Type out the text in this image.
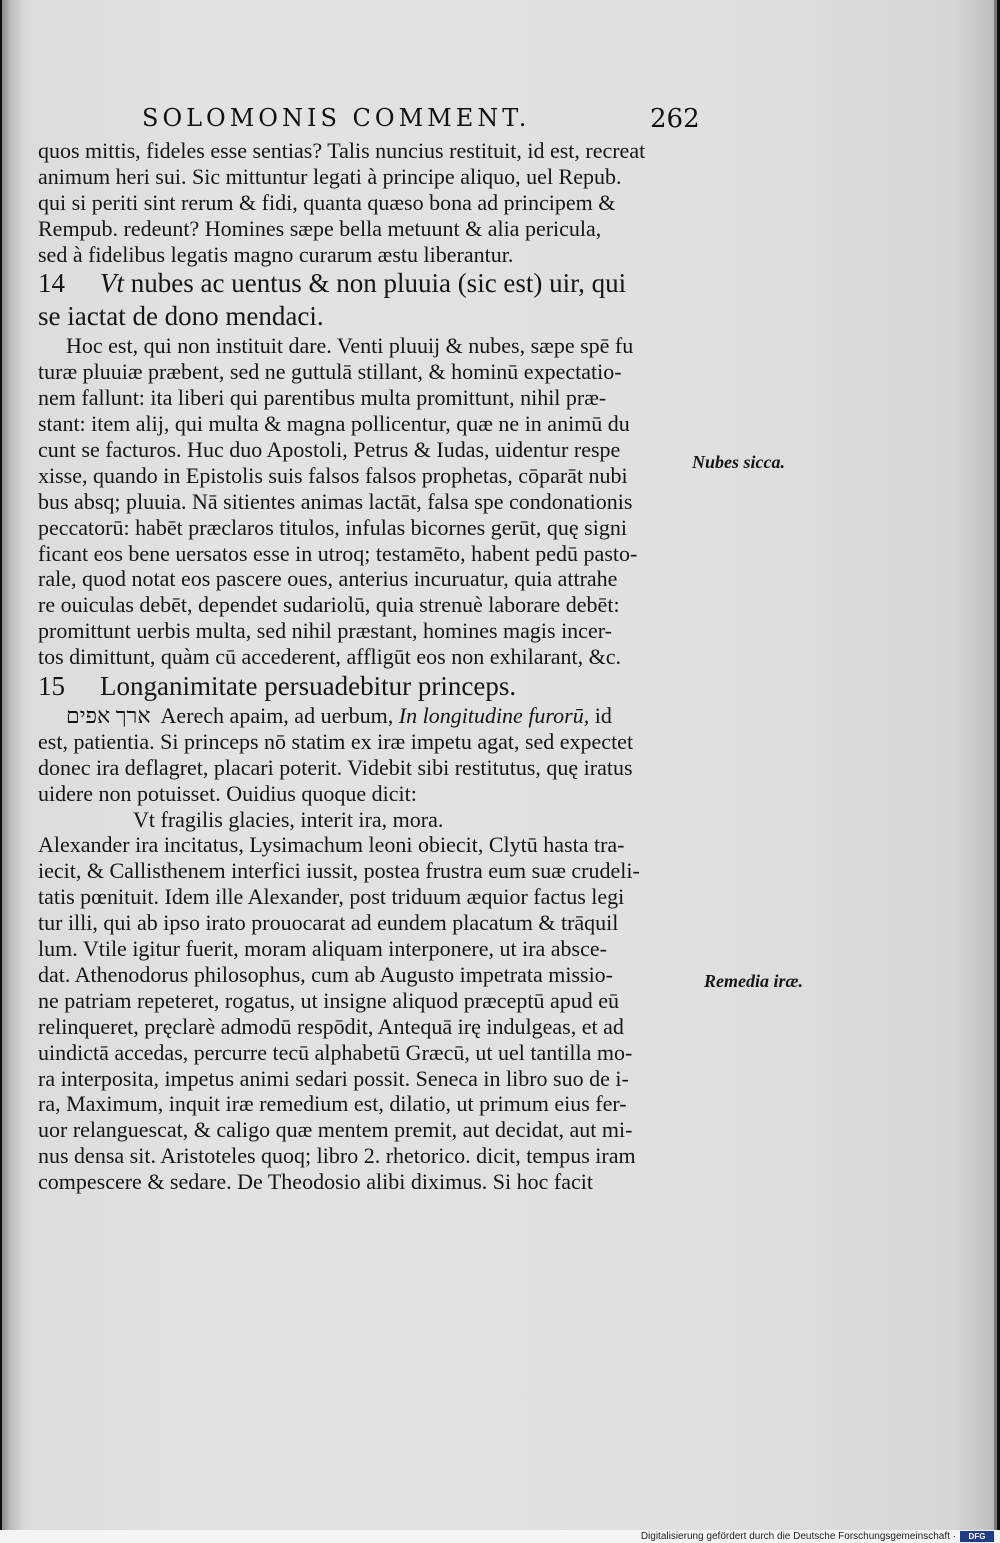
SOLOMONIS COMMENT.	262
quos mittis, fideles esse sentias? Talis nuncius restituit, id est, recreat
animum heri sui. Sic mittuntur legati à principe aliquo, uel Repub.
qui si periti sint rerum & fidi, quanta quæso bona ad principem &
Rempub. redeunt? Homines sæpe bella metuunt & alia pericula,
sed à fidelibus legatis magno curarum æstu liberantur.
14 Vt nubes ac uentus & non pluuia (sic est) uir, qui
se iactat de dono mendaci.
Hoc est, qui non instituit dare. Venti pluuij & nubes, sæpe spē fu
turæ pluuiæ præbent, sed ne guttulā stillant, & hominū expectatio-
nem fallunt: ita liberi qui parentibus multa promittunt, nihil præ-
stant: item alij, qui multa & magna pollicentur, quæ ne in animū du
cunt se facturos. Huc duo Apostoli, Petrus & Iudas, uidentur respe
xisse, quando in Epistolis suis falsos falsos prophetas, cōparāt nubi
bus absq; pluuia. Nā sitientes animas lactāt, falsa spe condonationis
peccatorū: habēt præclaros titulos, infulas bicornes gerūt, quę signi
ficant eos bene uersatos esse in utroq; testamēto, habent pedū pasto-
rale, quod notat eos pascere oues, anterius incuruatur, quia attrahe
re ouiculas debēt, dependet sudariolū, quia strenuè laborare debēt:
promittunt uerbis multa, sed nihil præstant, homines magis incer-
tos dimittunt, quàm cū accederent, affligūt eos non exhilarant, &c.
15 Longanimitate persuadebitur princeps.
ארך אפים Aerech apaim, ad uerbum, In longitudine furorū, id
est, patientia. Si princeps nō statim ex iræ impetu agat, sed expectet
donec ira deflagret, placari poterit. Videbit sibi restitutus, quę iratus
uidere non potuisset. Ouidius quoque dicit:
Vt fragilis glacies, interit ira, mora.
Alexander ira incitatus, Lysimachum leoni obiecit, Clytū hasta tra-
iecit, & Callisthenem interfici iussit, postea frustra eum suæ crudeli-
tatis pœnituit. Idem ille Alexander, post triduum æquior factus legi
tur illi, qui ab ipso irato prouocarat ad eundem placatum & trāquil
lum. Vtile igitur fuerit, moram aliquam interponere, ut ira absce-
dat. Athenodorus philosophus, cum ab Augusto impetrata missio-
ne patriam repeteret, rogatus, ut insigne aliquod præceptū apud eū
relinqueret, pręclarè admodū respōdit, Antequā irę indulgeas, et ad
uindictā accedas, percurre tecū alphabetū Græcū, ut uel tantilla mo-
ra interposita, impetus animi sedari possit. Seneca in libro suo de i-
ra, Maximum, inquit iræ remedium est, dilatio, ut primum eius fer-
uor relanguescat, & caligo quæ mentem premit, aut decidat, aut mi-
nus densa sit. Aristoteles quoq; libro 2. rhetorico. dicit, tempus iram
compescere & sedare. De Theodosio alibi diximus. Si hoc facit
Nubes sicca.
Remedia iræ.
Digitalisierung gefördert durch die Deutsche Forschungsgemeinschaft ·	DFG
